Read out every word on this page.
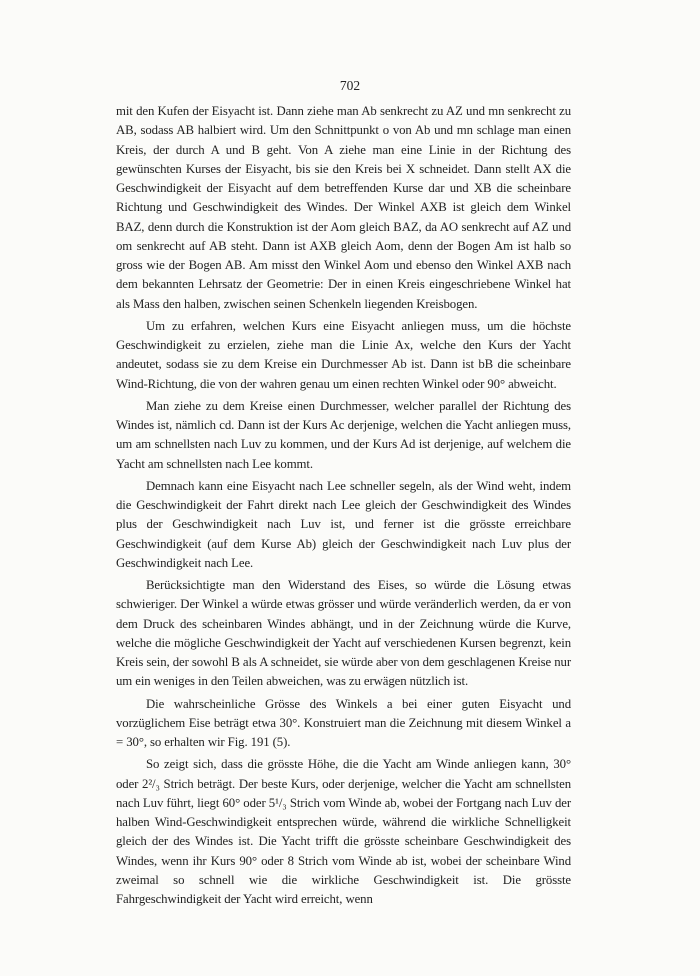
702

mit den Kufen der Eisyacht ist. Dann ziehe man Ab senkrecht zu AZ und mn senkrecht zu AB, sodass AB halbiert wird. Um den Schnittpunkt o von Ab und mn schlage man einen Kreis, der durch A und B geht. Von A ziehe man eine Linie in der Richtung des gewünschten Kurses der Eisyacht, bis sie den Kreis bei X schneidet. Dann stellt AX die Geschwindigkeit der Eisyacht auf dem betreffenden Kurse dar und XB die scheinbare Richtung und Geschwindigkeit des Windes. Der Winkel AXB ist gleich dem Winkel BAZ, denn durch die Konstruktion ist der Aom gleich BAZ, da AO senkrecht auf AZ und om senkrecht auf AB steht. Dann ist AXB gleich Aom, denn der Bogen Am ist halb so gross wie der Bogen AB. Am misst den Winkel Aom und ebenso den Winkel AXB nach dem bekannten Lehrsatz der Geometrie: Der in einen Kreis eingeschriebene Winkel hat als Mass den halben, zwischen seinen Schenkeln liegenden Kreisbogen.

Um zu erfahren, welchen Kurs eine Eisyacht anliegen muss, um die höchste Geschwindigkeit zu erzielen, ziehe man die Linie Ax, welche den Kurs der Yacht andeutet, sodass sie zu dem Kreise ein Durchmesser Ab ist. Dann ist bB die scheinbare Wind-Richtung, die von der wahren genau um einen rechten Winkel oder 90° abweicht.

Man ziehe zu dem Kreise einen Durchmesser, welcher parallel der Richtung des Windes ist, nämlich cd. Dann ist der Kurs Ac derjenige, welchen die Yacht anliegen muss, um am schnellsten nach Luv zu kommen, und der Kurs Ad ist derjenige, auf welchem die Yacht am schnellsten nach Lee kommt.

Demnach kann eine Eisyacht nach Lee schneller segeln, als der Wind weht, indem die Geschwindigkeit der Fahrt direkt nach Lee gleich der Geschwindigkeit des Windes plus der Geschwindigkeit nach Luv ist, und ferner ist die grösste erreichbare Geschwindigkeit (auf dem Kurse Ab) gleich der Geschwindigkeit nach Luv plus der Geschwindigkeit nach Lee.

Berücksichtigte man den Widerstand des Eises, so würde die Lösung etwas schwieriger. Der Winkel a würde etwas grösser und würde veränderlich werden, da er von dem Druck des scheinbaren Windes abhängt, und in der Zeichnung würde die Kurve, welche die mögliche Geschwindigkeit der Yacht auf verschiedenen Kursen begrenzt, kein Kreis sein, der sowohl B als A schneidet, sie würde aber von dem geschlagenen Kreise nur um ein weniges in den Teilen abweichen, was zu erwägen nützlich ist.

Die wahrscheinliche Grösse des Winkels a bei einer guten Eisyacht und vorzüglichem Eise beträgt etwa 30°. Konstruiert man die Zeichnung mit diesem Winkel a = 30°, so erhalten wir Fig. 191 (5).

So zeigt sich, dass die grösste Höhe, die die Yacht am Winde anliegen kann, 30° oder 2²/₃ Strich beträgt. Der beste Kurs, oder derjenige, welcher die Yacht am schnellsten nach Luv führt, liegt 60° oder 5¹/₃ Strich vom Winde ab, wobei der Fortgang nach Luv der halben Wind-Geschwindigkeit entsprechen würde, während die wirkliche Schnelligkeit gleich der des Windes ist. Die Yacht trifft die grösste scheinbare Geschwindigkeit des Windes, wenn ihr Kurs 90° oder 8 Strich vom Winde ab ist, wobei der scheinbare Wind zweimal so schnell wie die wirkliche Geschwindigkeit ist. Die grösste Fahrgeschwindigkeit der Yacht wird erreicht, wenn
